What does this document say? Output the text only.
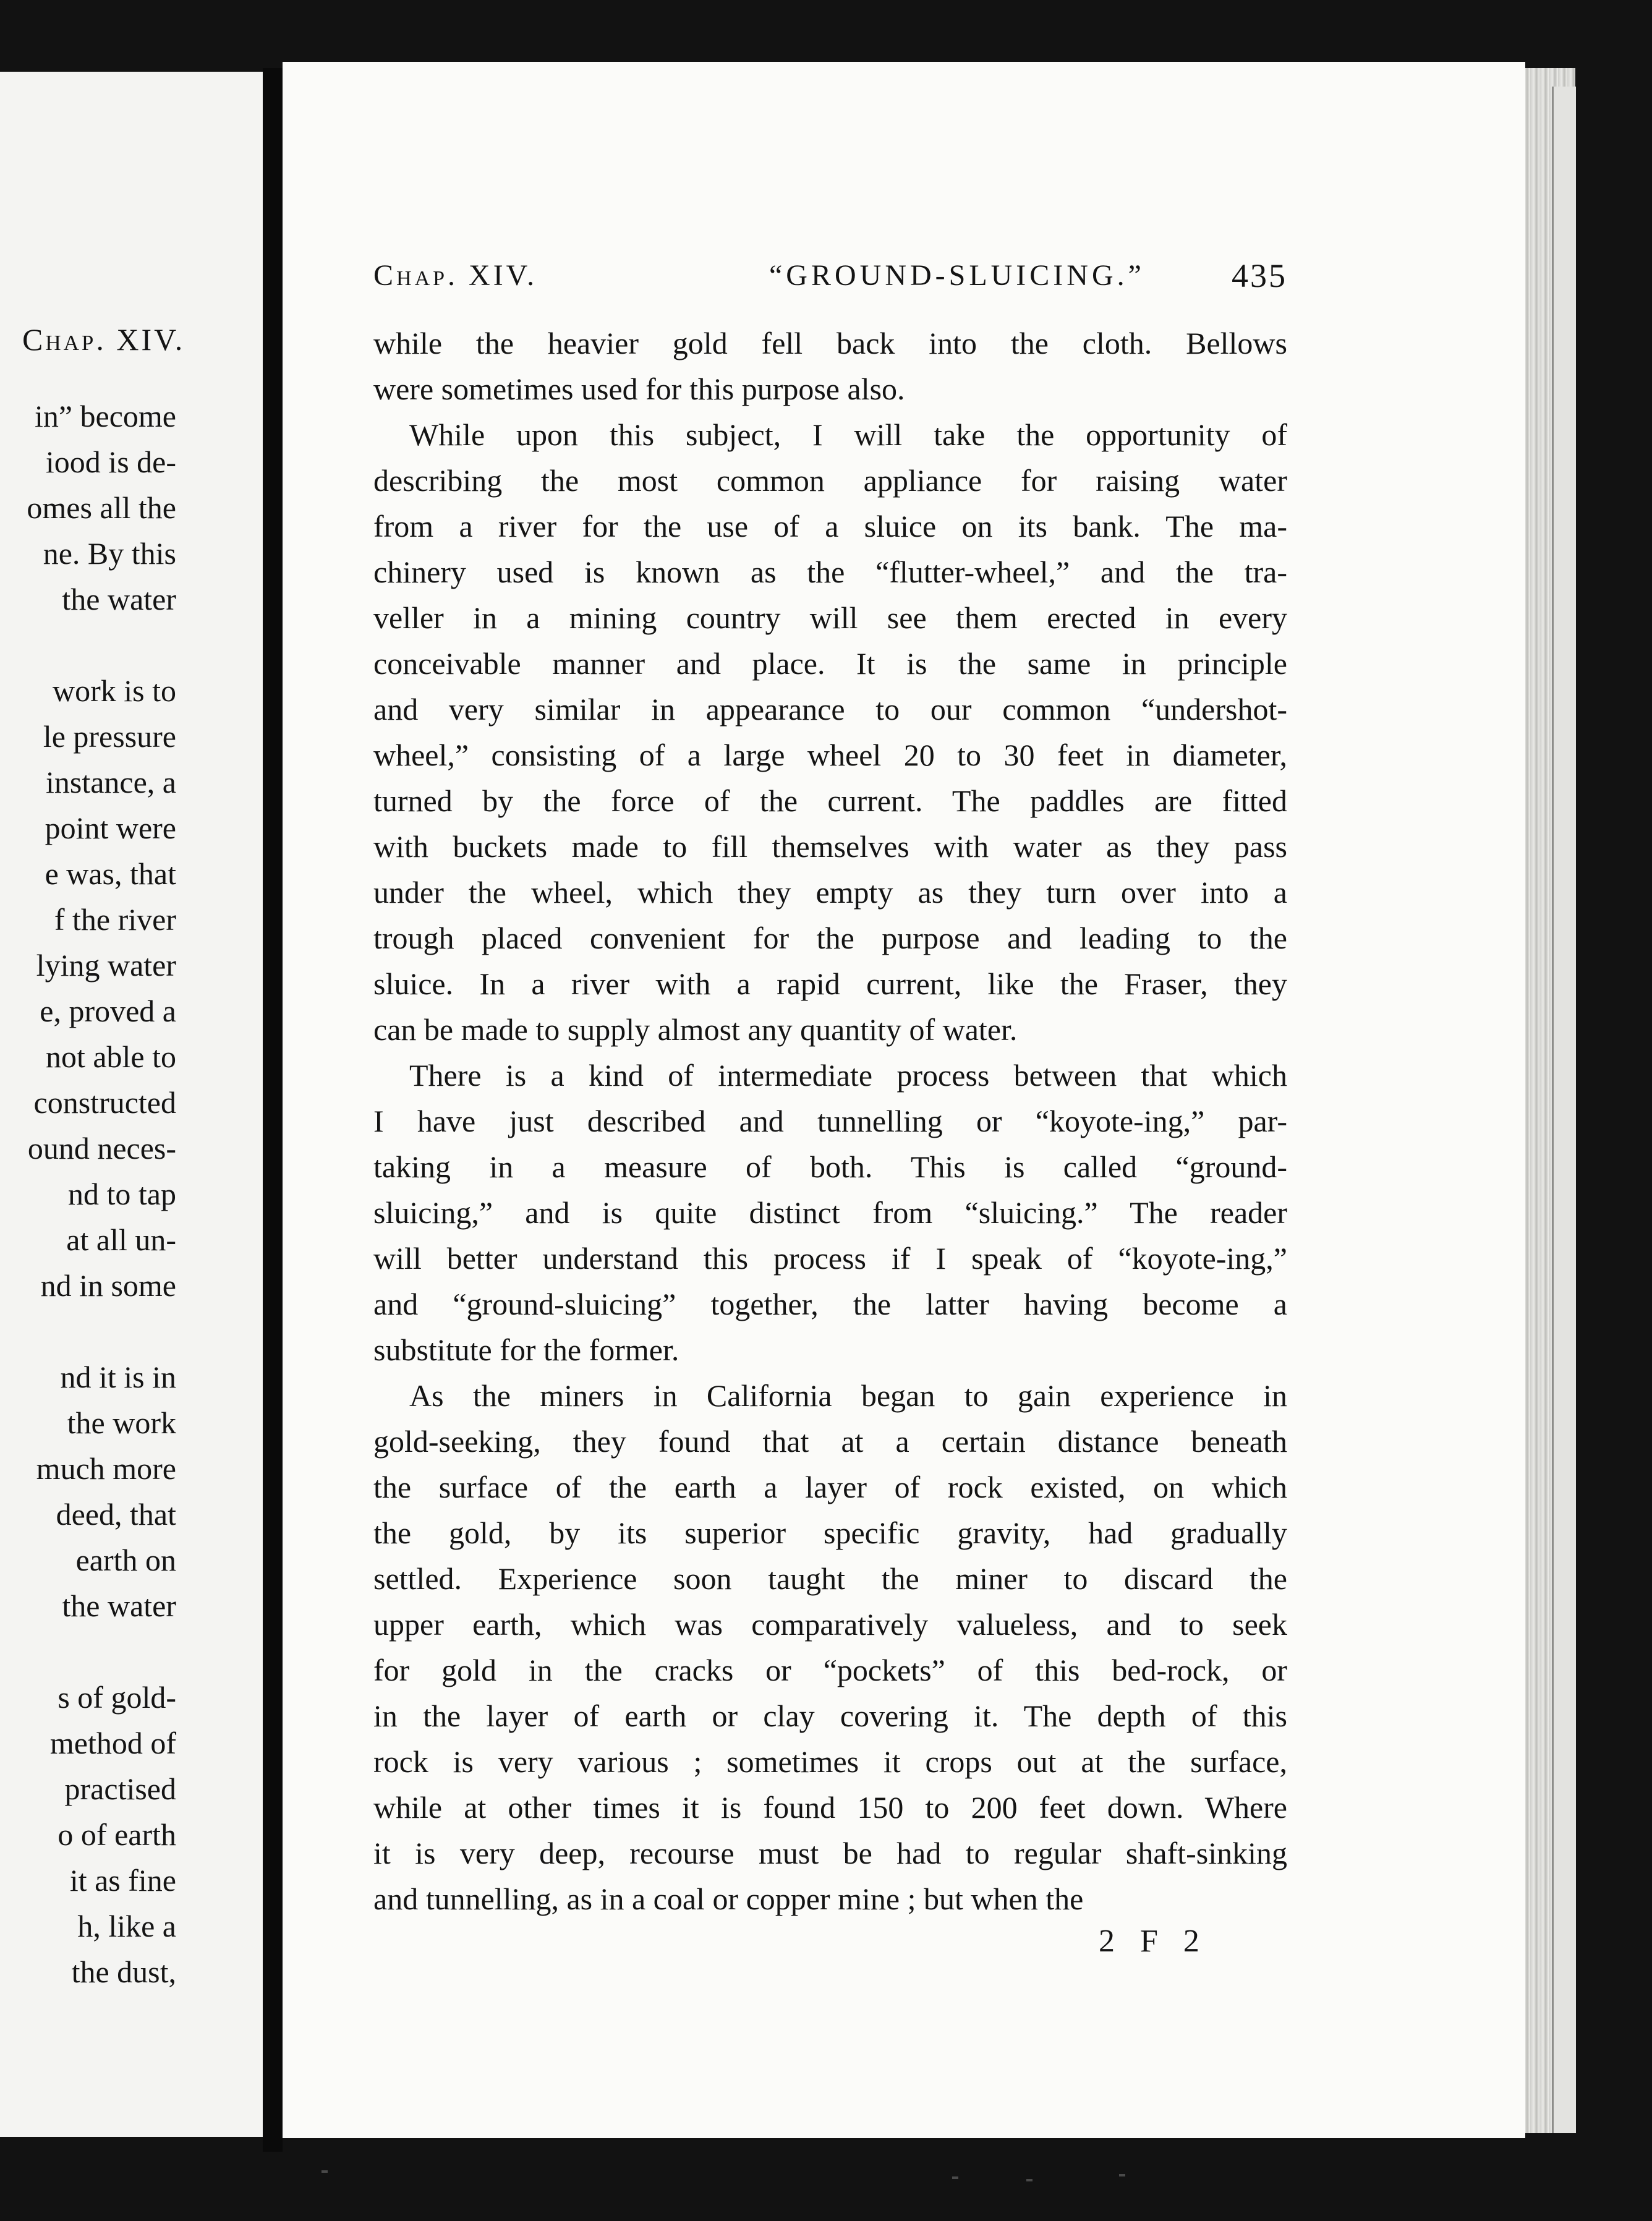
Chap. XIV.
in” become
iood is de-
omes all the
ne. By this
the water
work is to
le pressure
instance, a
point were
e was, that
f the river
lying water
e, proved a
not able to
constructed
ound neces-
nd to tap
at all un-
nd in some
nd it is in
the work
much more
deed, that
earth on
the water
s of gold-
method of
practised
o of earth
it as fine
h, like a
the dust,
Chap. XIV.	“GROUND-SLUICING.”	435
while the heavier gold fell back into the cloth. Bellows
were sometimes used for this purpose also.
While upon this subject, I will take the opportunity of
describing the most common appliance for raising water
from a river for the use of a sluice on its bank. The ma-
chinery used is known as the “flutter-wheel,” and the tra-
veller in a mining country will see them erected in every
conceivable manner and place. It is the same in principle
and very similar in appearance to our common “undershot-
wheel,” consisting of a large wheel 20 to 30 feet in diameter,
turned by the force of the current. The paddles are fitted
with buckets made to fill themselves with water as they pass
under the wheel, which they empty as they turn over into a
trough placed convenient for the purpose and leading to the
sluice. In a river with a rapid current, like the Fraser, they
can be made to supply almost any quantity of water.
There is a kind of intermediate process between that which
I have just described and tunnelling or “koyote-ing,” par-
taking in a measure of both. This is called “ground-
sluicing,” and is quite distinct from “sluicing.” The reader
will better understand this process if I speak of “koyote-ing,”
and “ground-sluicing” together, the latter having become a
substitute for the former.
As the miners in California began to gain experience in
gold-seeking, they found that at a certain distance beneath
the surface of the earth a layer of rock existed, on which
the gold, by its superior specific gravity, had gradually
settled. Experience soon taught the miner to discard the
upper earth, which was comparatively valueless, and to seek
for gold in the cracks or “pockets” of this bed-rock, or
in the layer of earth or clay covering it. The depth of this
rock is very various ; sometimes it crops out at the surface,
while at other times it is found 150 to 200 feet down. Where
it is very deep, recourse must be had to regular shaft-sinking
and tunnelling, as in a coal or copper mine ; but when the
2 F 2
